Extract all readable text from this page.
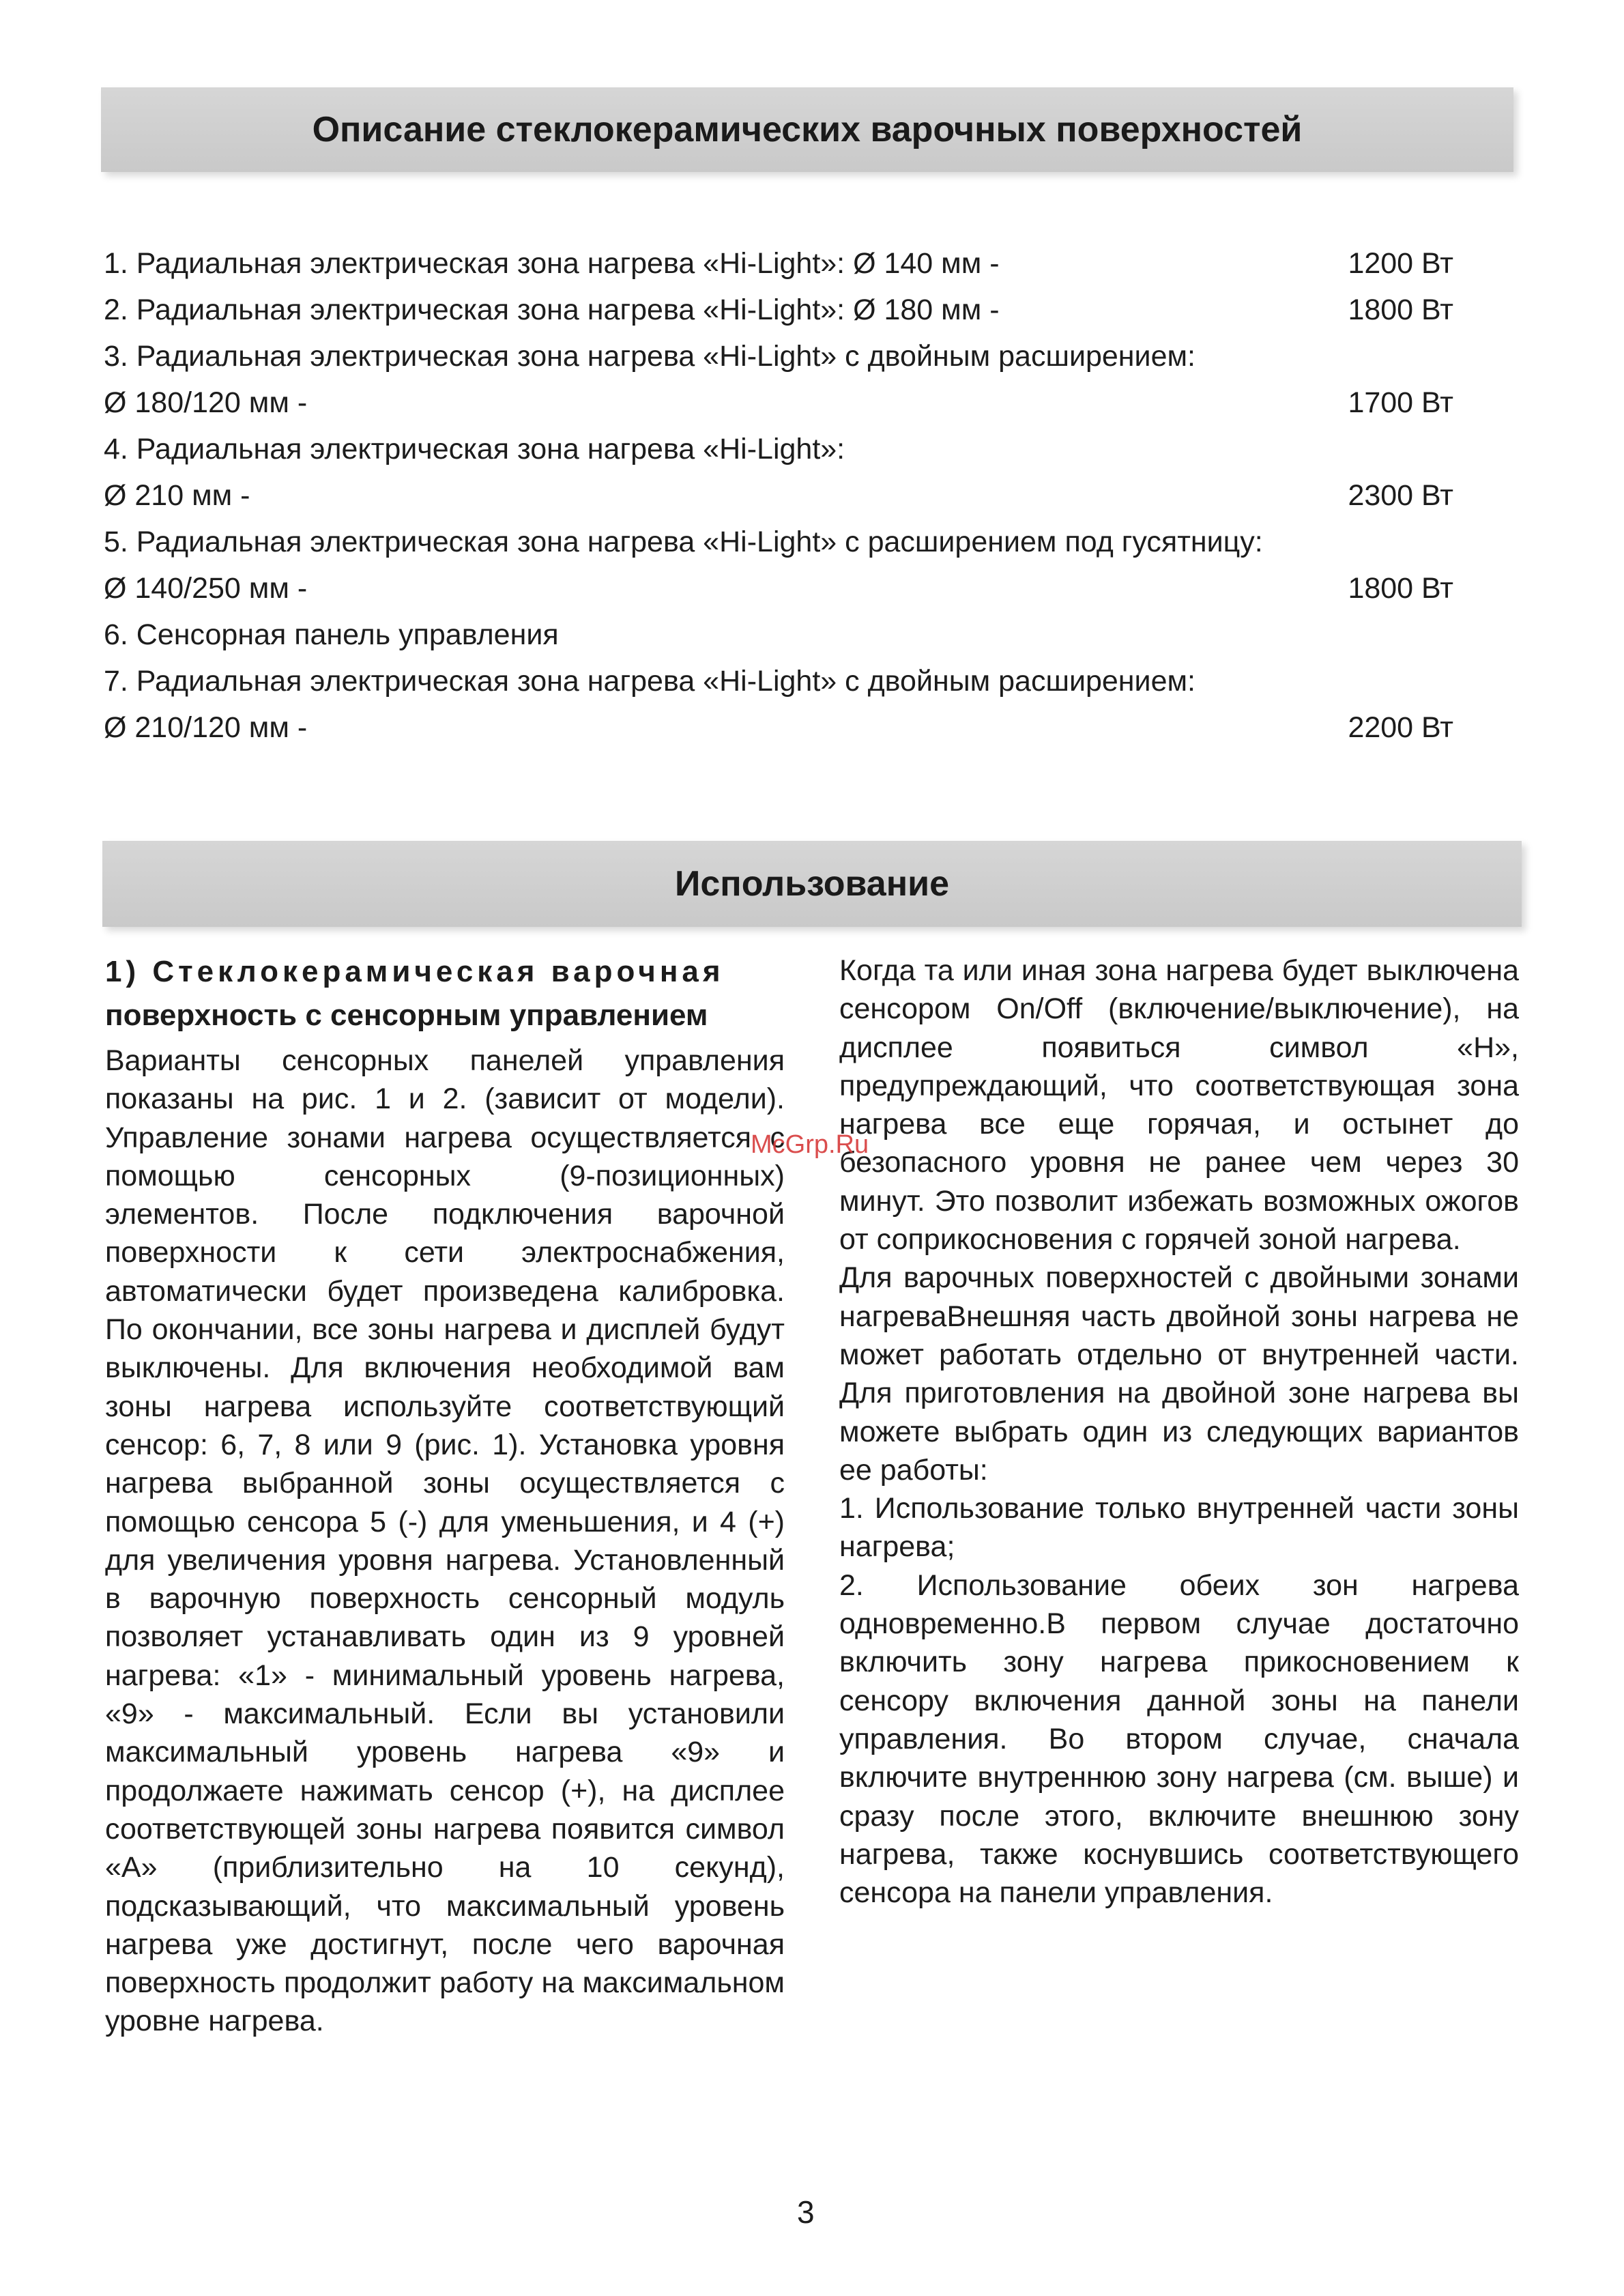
Описание стеклокерамических варочных поверхностей
1. Радиальная электрическая зона нагрева «Hi-Light»: Ø 140 мм -	1200 Вт
2. Радиальная электрическая зона нагрева «Hi-Light»: Ø 180 мм -	1800 Вт
3. Радиальная электрическая зона нагрева «Hi-Light» с двойным расширением:
Ø 180/120 мм -	1700 Вт
4. Радиальная электрическая зона нагрева «Hi-Light»:
Ø 210 мм -	2300 Вт
5. Радиальная электрическая зона нагрева «Hi-Light» с расширением под гусятницу:
Ø 140/250 мм -	1800 Вт
6. Сенсорная панель управления
7. Радиальная электрическая зона нагрева «Hi-Light» с двойным расширением:
Ø 210/120 мм -	2200 Вт
Использование
1) Стеклокерамическая варочная
поверхность с сенсорным управлением

Варианты сенсорных панелей управления показаны на рис. 1 и 2. (зависит от модели). Управление зонами нагрева осуществляется с помощью сенсорных (9-позиционных) элементов. После подключения варочной поверхности к сети электроснабжения, автоматически будет произведена калибровка. По окончании, все зоны нагрева и дисплей будут выключены. Для включения необходимой вам зоны нагрева используйте соответствующий сенсор: 6, 7, 8 или 9 (рис. 1). Установка уровня нагрева выбранной зоны осуществляется с помощью сенсора 5 (-) для уменьшения, и 4 (+) для увеличения уровня нагрева. Установленный в варочную поверхность сенсорный модуль позволяет устанавливать один из 9 уровней нагрева: «1» - минимальный уровень нагрева, «9» - максимальный. Если вы установили максимальный уровень нагрева «9» и продолжаете нажимать сенсор (+), на дисплее соответствующей зоны нагрева появится символ «A» (приблизительно на 10 секунд), подсказывающий, что максимальный уровень нагрева уже достигнут, после чего варочная поверхность продолжит работу на максимальном уровне нагрева.

Когда та или иная зона нагрева будет выключена сенсором On/Off (включение/выключение), на дисплее появиться символ «H», предупреждающий, что соответствующая зона нагрева все еще горячая, и остынет до безопасного уровня не ранее чем через 30 минут. Это позволит избежать возможных ожогов от соприкосновения с горячей зоной нагрева.

Для варочных поверхностей с двойными зонами нагреваВнешняя часть двойной зоны нагрева не может работать отдельно от внутренней части. Для приготовления на двойной зоне нагрева вы можете выбрать один из следующих вариантов ее работы:

1. Использование только внутренней части зоны нагрева;

2. Использование обеих зон нагрева одновременно.В первом случае достаточно включить зону нагрева прикосновением к сенсору включения данной зоны на панели управления. Во втором случае, сначала включите внутреннюю зону нагрева (см. выше) и сразу после этого, включите внешнюю зону нагрева, также коснувшись соответствующего сенсора на панели управления.

McGrp.Ru
3
